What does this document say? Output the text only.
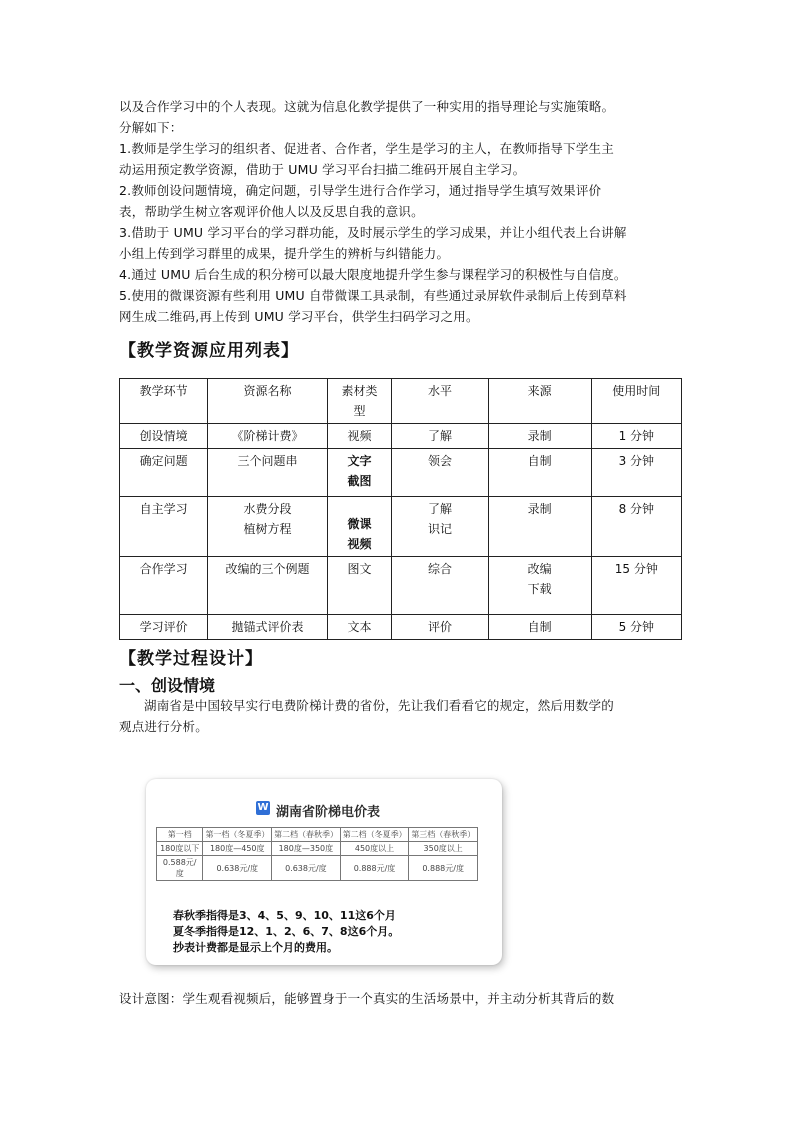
以及合作学习中的个人表现。这就为信息化教学提供了一种实用的指导理论与实施策略。
分解如下：
1.教师是学生学习的组织者、促进者、合作者，学生是学习的主人，在教师指导下学生主
动运用预定教学资源，借助于 UMU 学习平台扫描二维码开展自主学习。
2.教师创设问题情境，确定问题，引导学生进行合作学习，通过指导学生填写效果评价
表，帮助学生树立客观评价他人以及反思自我的意识。
3.借助于 UMU 学习平台的学习群功能，及时展示学生的学习成果，并让小组代表上台讲解
小组上传到学习群里的成果，提升学生的辨析与纠错能力。
4.通过 UMU 后台生成的积分榜可以最大限度地提升学生参与课程学习的积极性与自信度。
5.使用的微课资源有些利用 UMU 自带微课工具录制，有些通过录屏软件录制后上传到草料
网生成二维码,再上传到 UMU 学习平台，供学生扫码学习之用。
【教学资源应用列表】
教学环节	资源名称	素材类型	水平	来源	使用时间
创设情境	《阶梯计费》	视频	了解	录制	1 分钟
确定问题	三个问题串	文字截图	领会	自制	3 分钟
自主学习	水费分段植树方程	微课视频	了解识记	录制	8 分钟
合作学习	改编的三个例题	图文	综合	改编下载	15 分钟
学习评价	拋锚式评价表	文本	评价	自制	5 分钟
【教学过程设计】
一、创设情境
湖南省是中国较早实行电费阶梯计费的省份，先让我们看看它的规定，然后用数学的
观点进行分析。
W 湖南省阶梯电价表
第一档	第一档（冬夏季）	第二档（春秋季）	第二档（冬夏季）	第三档（春秋季）
180度以下	180度—450度	180度—350度	450度以上	350度以上
0.588元/度	0.638元/度	0.638元/度	0.888元/度	0.888元/度
春秋季指得是3、4、5、9、10、11这6个月
夏冬季指得是12、1、2、6、7、8这6个月。
抄表计费都是显示上个月的费用。
设计意图：学生观看视频后，能够置身于一个真实的生活场景中，并主动分析其背后的数
